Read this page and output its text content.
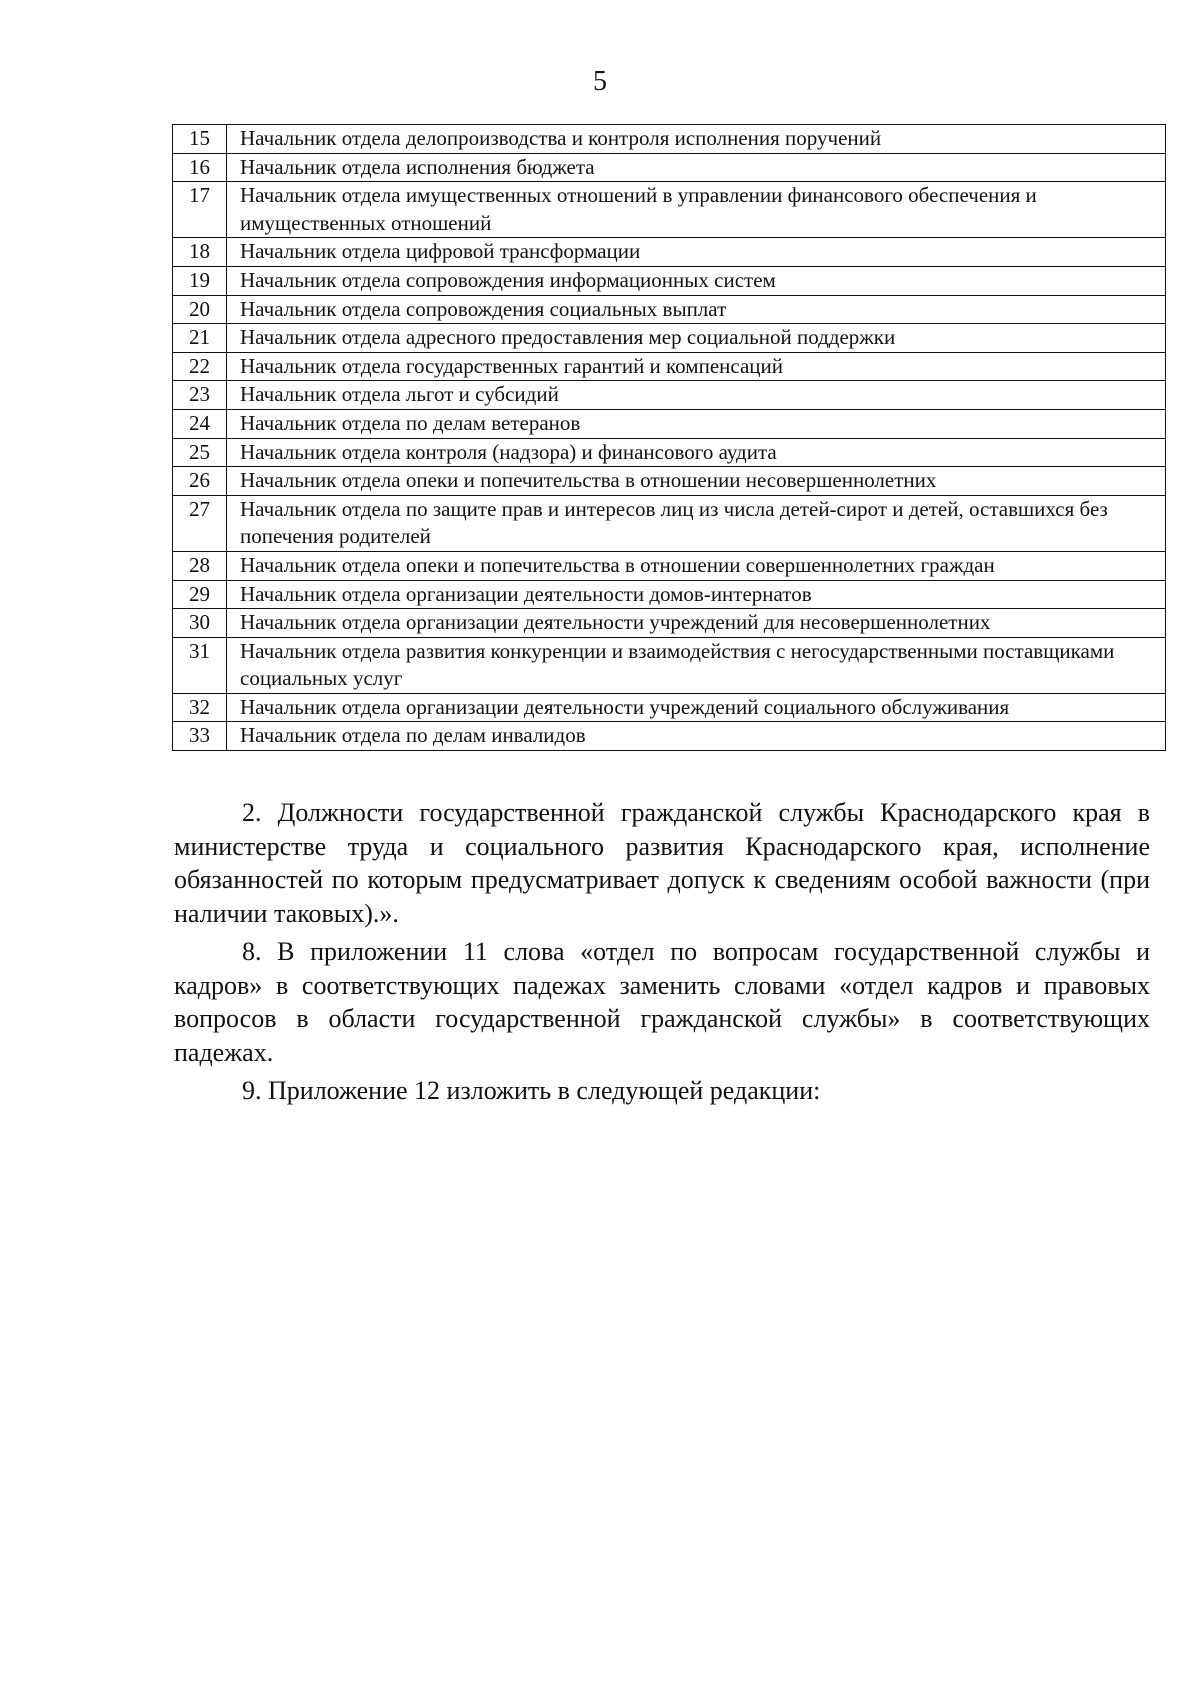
5
15	Начальник отдела делопроизводства и контроля исполнения поручений
16	Начальник отдела исполнения бюджета
17	Начальник отдела имущественных отношений в управлении финансового обеспечения и имущественных отношений
18	Начальник отдела цифровой трансформации
19	Начальник отдела сопровождения информационных систем
20	Начальник отдела сопровождения социальных выплат
21	Начальник отдела адресного предоставления мер социальной поддержки
22	Начальник отдела государственных гарантий и компенсаций
23	Начальник отдела льгот и субсидий
24	Начальник отдела по делам ветеранов
25	Начальник отдела контроля (надзора) и финансового аудита
26	Начальник отдела опеки и попечительства в отношении несовершеннолетних
27	Начальник отдела по защите прав и интересов лиц из числа детей-сирот и детей, оставшихся без попечения родителей
28	Начальник отдела опеки и попечительства в отношении совершеннолетних граждан
29	Начальник отдела организации деятельности домов-интернатов
30	Начальник отдела организации деятельности учреждений для несовершеннолетних
31	Начальник отдела развития конкуренции и взаимодействия с негосударственными поставщиками социальных услуг
32	Начальник отдела организации деятельности учреждений социального обслуживания
33	Начальник отдела по делам инвалидов

2. Должности государственной гражданской службы Краснодарского края в министерстве труда и социального развития Краснодарского края, исполнение обязанностей по которым предусматривает допуск к сведениям особой важности (при наличии таковых).».

8. В приложении 11 слова «отдел по вопросам государственной службы и кадров» в соответствующих падежах заменить словами «отдел кадров и правовых вопросов в области государственной гражданской службы» в соответствующих падежах.

9. Приложение 12 изложить в следующей редакции:
